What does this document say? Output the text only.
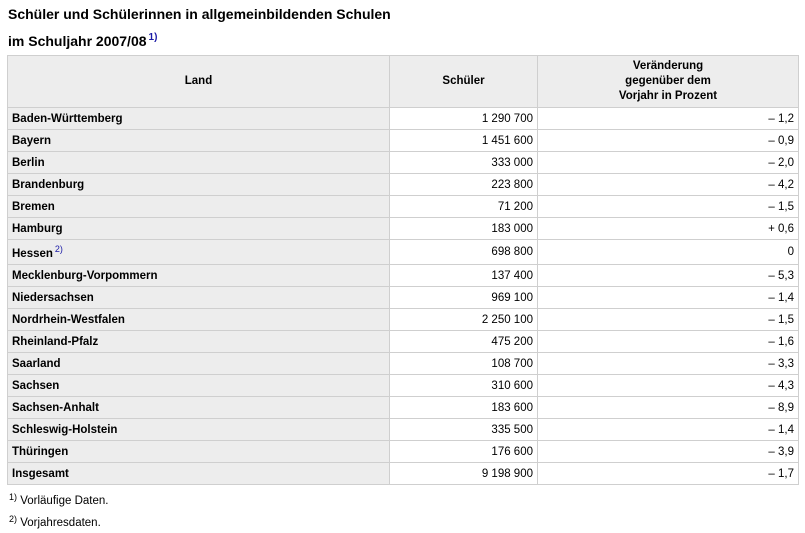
Schüler und Schülerinnen in allgemeinbildenden Schulen
im Schuljahr 2007/08 $^{1)}$
Land	Schüler	Veränderung
gegenüber dem
Vorjahr in Prozent
Baden-Württemberg	1 290 700	– 1,2
Bayern	1 451 600	– 0,9
Berlin	333 000	– 2,0
Brandenburg	223 800	– 4,2
Bremen	71 200	– 1,5
Hamburg	183 000	+ 0,6
Hessen $^{2)}$	698 800	0
Mecklenburg-Vorpommern	137 400	– 5,3
Niedersachsen	969 100	– 1,4
Nordrhein-Westfalen	2 250 100	– 1,5
Rheinland-Pfalz	475 200	– 1,6
Saarland	108 700	– 3,3
Sachsen	310 600	– 4,3
Sachsen-Anhalt	183 600	– 8,9
Schleswig-Holstein	335 500	– 1,4
Thüringen	176 600	– 3,9
Insgesamt	9 198 900	– 1,7
$^{1)}$ Vorläufige Daten.
$^{2)}$ Vorjahresdaten.
